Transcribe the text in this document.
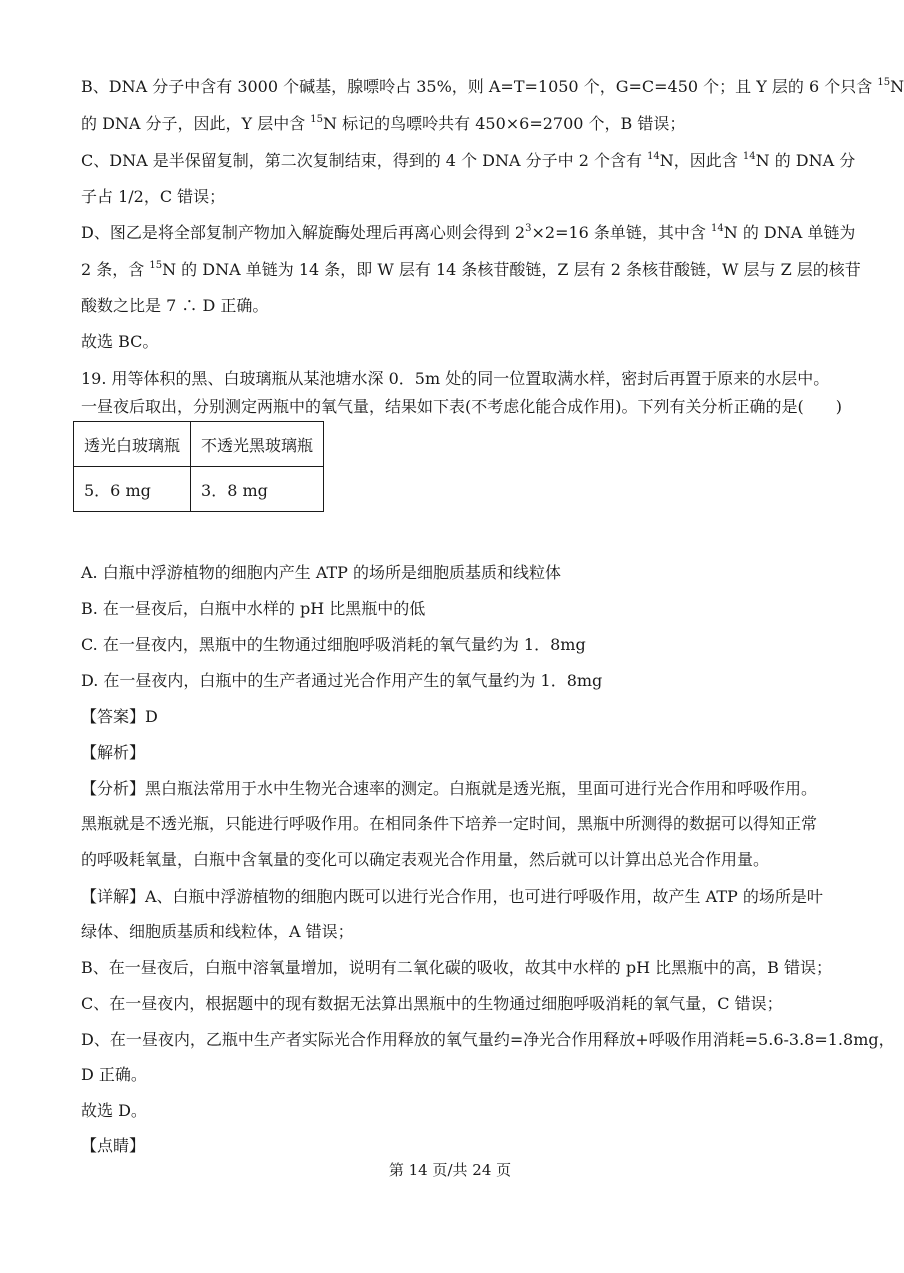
B、DNA 分子中含有 3000 个碱基，腺嘌呤占 35%，则 A=T=1050 个，G=C=450 个；且 Y 层的 6 个只含 $^{15}$N
的 DNA 分子，因此，Y 层中含 $^{15}$N 标记的鸟嘌呤共有 450×6=2700 个，B 错误；
C、DNA 是半保留复制，第二次复制结束，得到的 4 个 DNA 分子中 2 个含有 $^{14}$N，因此含 $^{14}$N 的 DNA 分
子占 1/2，C 错误；
D、图乙是将全部复制产物加入解旋酶处理后再离心则会得到 $2^3\times 2=16$ 条单链，其中含 $^{14}$N 的 DNA 单链为
2 条，含 $^{15}$N 的 DNA 单链为 14 条，即 W 层有 14 条核苷酸链，Z 层有 2 条核苷酸链，W 层与 Z 层的核苷
酸数之比是 7 ∴ D 正确。
故选 BC。
19. 用等体积的黑、白玻璃瓶从某池塘水深 0．5m 处的同一位置取满水样，密封后再置于原来的水层中。
一昼夜后取出，分别测定两瓶中的氧气量，结果如下表(不考虑化能合成作用)。下列有关分析正确的是(　　)
透光白玻璃瓶	不透光黑玻璃瓶
5．6 mg	3．8 mg
A. 白瓶中浮游植物的细胞内产生 ATP 的场所是细胞质基质和线粒体
B. 在一昼夜后，白瓶中水样的 pH 比黑瓶中的低
C. 在一昼夜内，黑瓶中的生物通过细胞呼吸消耗的氧气量约为 1．8mg
D. 在一昼夜内，白瓶中的生产者通过光合作用产生的氧气量约为 1．8mg
【答案】D
【解析】
【分析】黑白瓶法常用于水中生物光合速率的测定。白瓶就是透光瓶，里面可进行光合作用和呼吸作用。
黑瓶就是不透光瓶，只能进行呼吸作用。在相同条件下培养一定时间，黑瓶中所测得的数据可以得知正常
的呼吸耗氧量，白瓶中含氧量的变化可以确定表观光合作用量，然后就可以计算出总光合作用量。
【详解】A、白瓶中浮游植物的细胞内既可以进行光合作用，也可进行呼吸作用，故产生 ATP 的场所是叶
绿体、细胞质基质和线粒体，A 错误；
B、在一昼夜后，白瓶中溶氧量增加，说明有二氧化碳的吸收，故其中水样的 pH 比黑瓶中的高，B 错误；
C、在一昼夜内，根据题中的现有数据无法算出黑瓶中的生物通过细胞呼吸消耗的氧气量，C 错误；
D、在一昼夜内，乙瓶中生产者实际光合作用释放的氧气量约=净光合作用释放+呼吸作用消耗=5.6-3.8=1.8mg，
D 正确。
故选 D。
【点睛】
第 14 页/共 24 页
